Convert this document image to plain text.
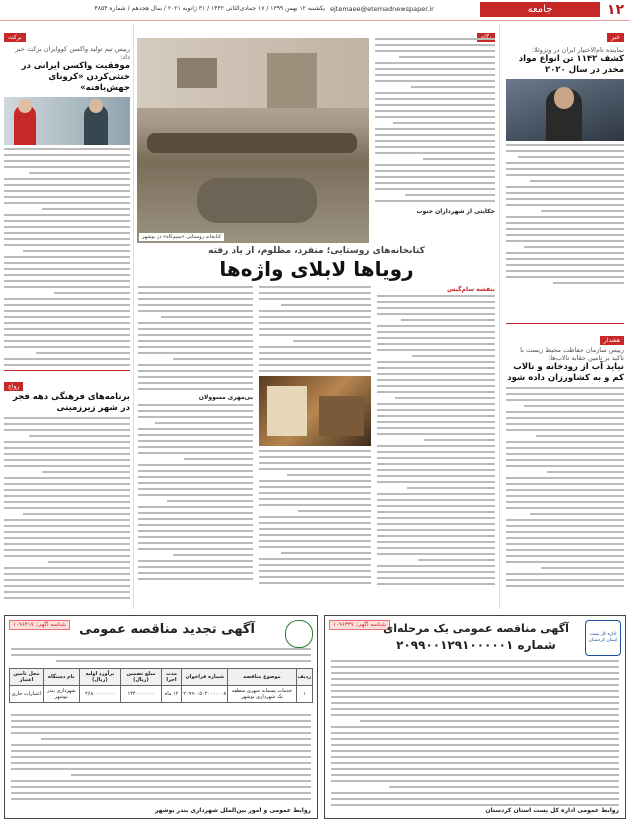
۱۲
جامعه
ejtemaee@etemadnewspaper.ir
یکشنبه ۱۲ بهمن ۱۳۹۹ / ۱۷ جمادی‌الثانی ۱۴۴۲ / ۳۱ ژانویه ۲۰۲۱ / سال هجدهم / شماره ۴۸۵۴
خبر
نماینده‌ تام‌الاختیار ایران در ونزوئلا:
کشف ۱۱۴۲ تن انواع مواد مخدر در سال ۲۰۲۰
هشدار
رییس سازمان حفاظت محیط زیست با تاکید بر تامین حقابه تالاب‌ها:
نیاید آب از رودخانه و تالاب کم و به کشاورزان داده شود
کتابخانه روستایی «سیم‌کاه» در بوشهر
حکایتی از شهرداران جنوب
کتابخانه‌های روستایی؛ منفرد، مظلوم، از یاد رفته
رویاها لابلای واژه‌ها
بنفشه سام‌گیس
بی‌مهری مسوولان
برکت
رییس تیم تولید واکسن کووایران برکت خبر داد:
موفقیت واکسن ایرانی در خنثی‌کردن «کرونای جهش‌یافته»
رواج
برنامه‌های فرهنگی دهه فجر در شهر زیرزمینی
شناسه آگهی: ۱۰۹۶۳۳۷
اداره کل پست استان کردستان
آگهی مناقصه عمومی یک مرحله‌ای
شماره ۲۰۹۹۰۰۱۲۹۱۰۰۰۰۰۱
روابط عمومی اداره کل پست استان کردستان
شناسه آگهی: ۱۰۹۶۴۱۷	آگهی تجدید مناقصه عمومی
ردیف	موضوع مناقصه	شماره فراخوان	مدت اجرا	مبلغ تضمین (ریال)	برآورد اولیه (ریال)	نام دستگاه	محل تامین اعتبار
۱	خدمات پسماند شهری منطقه یک شهرداری بوشهر	۲۰۹۹۰۰۵۰۴۰۰۰۰۰۰۸	۱۲ ماه	۱۳۴۰۰۰۰۰۰۰	۲۶۸۰۰۰۰۰۰۰۰	شهرداری بندر بوشهر	اعتبارات جاری
روابط عمومی و امور بین‌الملل شهرداری بندر بوشهر
